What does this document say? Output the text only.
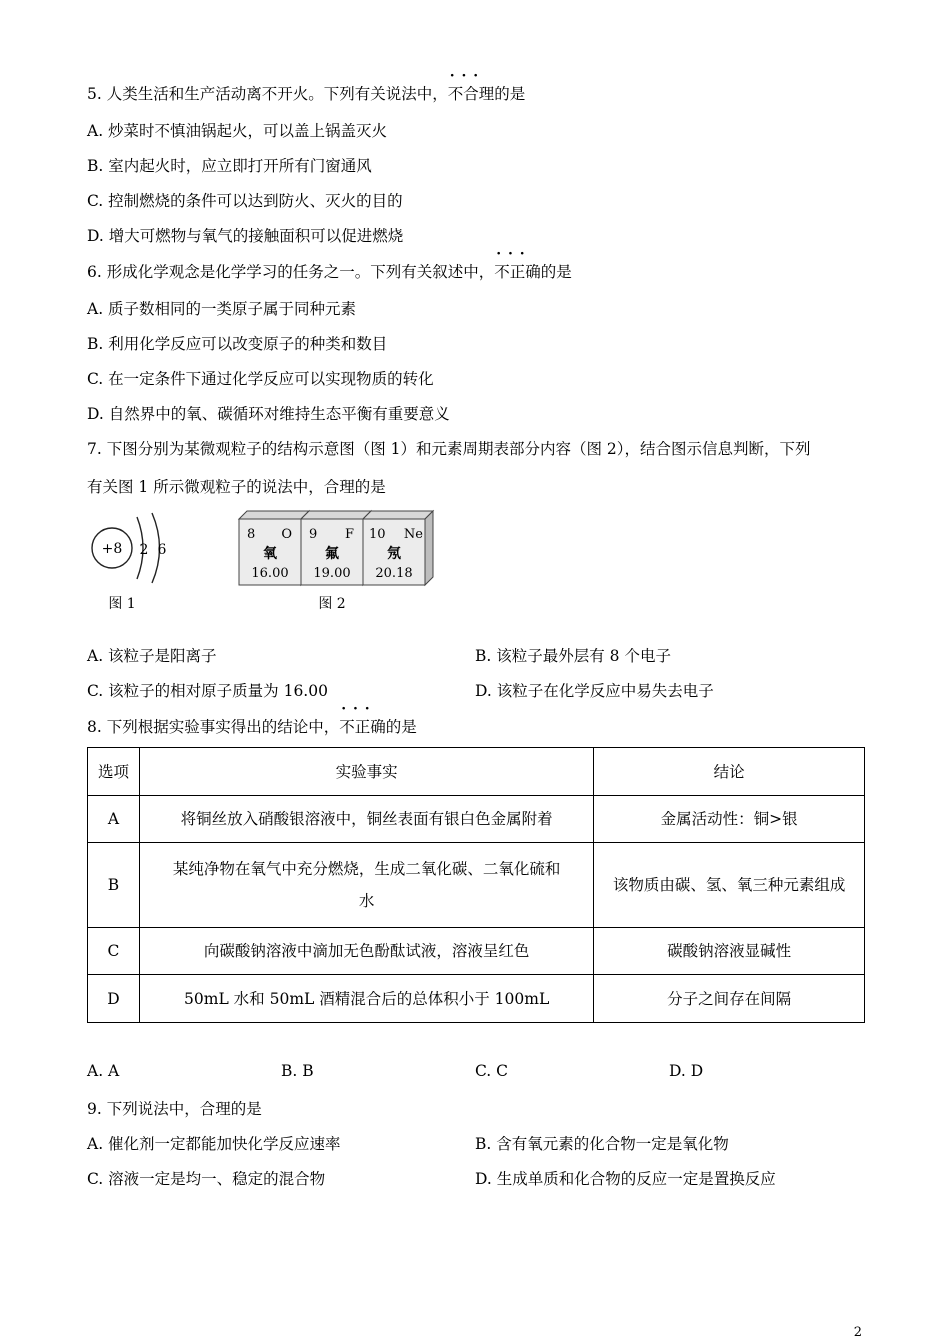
5. 人类生活和生产活动离不开火。下列有关说法中，· · · 不合理的是
A. 炒菜时不慎油锅起火，可以盖上锅盖灭火
B. 室内起火时，应立即打开所有门窗通风
C. 控制燃烧的条件可以达到防火、灭火的目的
D. 增大可燃物与氧气的接触面积可以促进燃烧
6. 形成化学观念是化学学习的任务之一。下列有关叙述中，· · · 不正确的是
A. 质子数相同的一类原子属于同种元素
B. 利用化学反应可以改变原子的种类和数目
C. 在一定条件下通过化学反应可以实现物质的转化
D. 自然界中的氧、碳循环对维持生态平衡有重要意义
7. 下图分别为某微观粒子的结构示意图（图 1）和元素周期表部分内容（图 2），结合图示信息判断，下列
有关图 1 所示微观粒子的说法中，合理的是
+8 2 6
图 1
8 O
氧
16.00
9 F
氟
19.00
10 Ne
氖
20.18
图 2
A. 该粒子是阳离子	B. 该粒子最外层有 8 个电子
C. 该粒子的相对原子质量为 16.00	D. 该粒子在化学反应中易失去电子
8. 下列根据实验事实得出的结论中，· · · 不正确的是
选项	实验事实	结论
A	将铜丝放入硝酸银溶液中，铜丝表面有银白色金属附着	金属活动性：铜>银
B	某纯净物在氧气中充分燃烧，生成二氧化碳、二氧化硫和
水	该物质由碳、氢、氧三种元素组成
C	向碳酸钠溶液中滴加无色酚酞试液，溶液呈红色	碳酸钠溶液显碱性
D	50mL 水和 50mL 酒精混合后的总体积小于 100mL	分子之间存在间隔
A. A	B. B	C. C	D. D
9. 下列说法中，合理的是
A. 催化剂一定都能加快化学反应速率	B. 含有氧元素的化合物一定是氧化物
C. 溶液一定是均一、稳定的混合物	D. 生成单质和化合物的反应一定是置换反应
2
